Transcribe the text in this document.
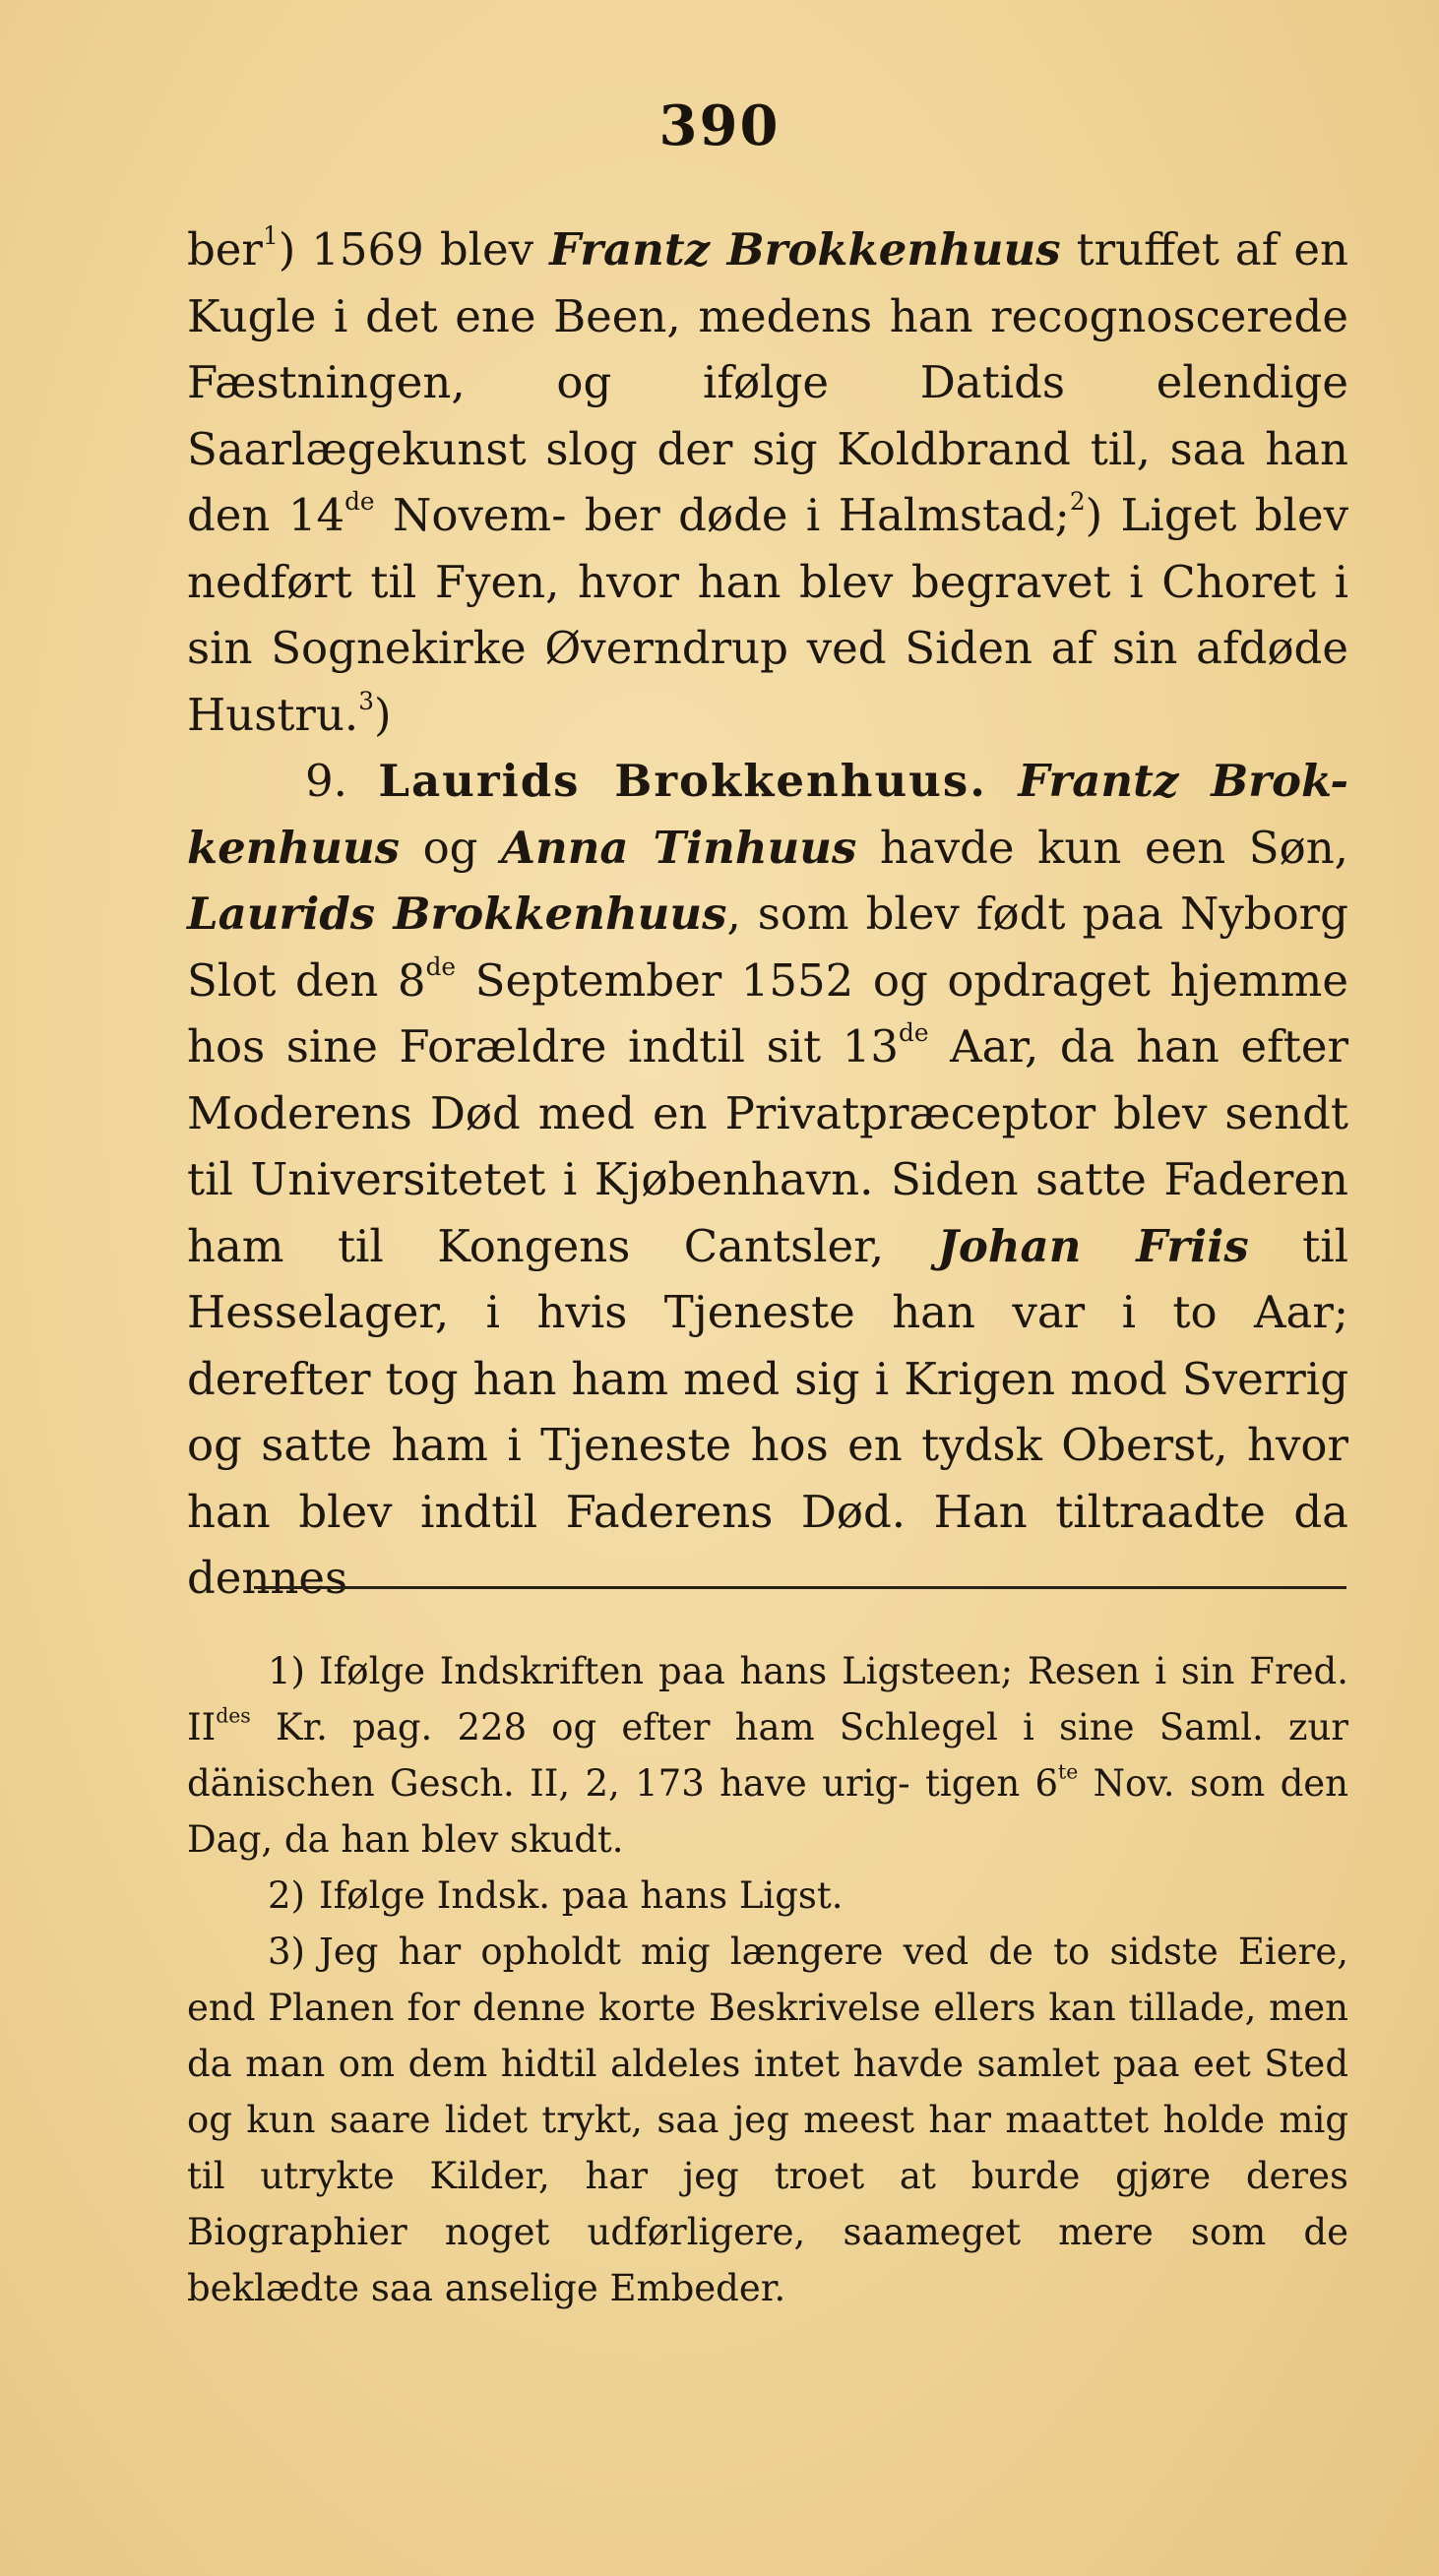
390

ber$^1$) 1569 blev Frantz Brokkenhuus truffet af en Kugle i det ene Been, medens han recognoscerede Fæstningen, og ifølge Datids elendige Saarlægekunst slog der sig Koldbrand til, saa han den 14de Novem- ber døde i Halmstad;$^2$) Liget blev nedført til Fyen, hvor han blev begravet i Choret i sin Sognekirke Øverndrup ved Siden af sin afdøde Hustru.$^3$)

9. Laurids Brokkenhuus. Frantz Brok- kenhuus og Anna Tinhuus havde kun een Søn, Laurids Brokkenhuus, som blev født paa Nyborg Slot den 8de September 1552 og opdraget hjemme hos sine Forældre indtil sit 13de Aar, da han efter Moderens Død med en Privatpræceptor blev sendt til Universitetet i Kjøbenhavn. Siden satte Faderen ham til Kongens Cantsler, Johan Friis til Hesselager, i hvis Tjeneste han var i to Aar; derefter tog han ham med sig i Krigen mod Sverrig og satte ham i Tjeneste hos en tydsk Oberst, hvor han blev indtil Faderens Død. Han tiltraadte da dennes

1) Ifølge Indskriften paa hans Ligsteen; Resen i sin Fred. $II^{des}$ Kr. pag. 228 og efter ham Schlegel i sine Saml. zur dänischen Gesch. II, 2, 173 have urig- tigen $6^{te}$ Nov. som den Dag, da han blev skudt.

2) Ifølge Indsk. paa hans Ligst.

3) Jeg har opholdt mig længere ved de to sidste Eiere, end Planen for denne korte Beskrivelse ellers kan tillade, men da man om dem hidtil aldeles intet havde samlet paa eet Sted og kun saare lidet trykt, saa jeg meest har maattet holde mig til utrykte Kilder, har jeg troet at burde gjøre deres Biographier noget udførligere, saameget mere som de beklædte saa anselige Embeder.
